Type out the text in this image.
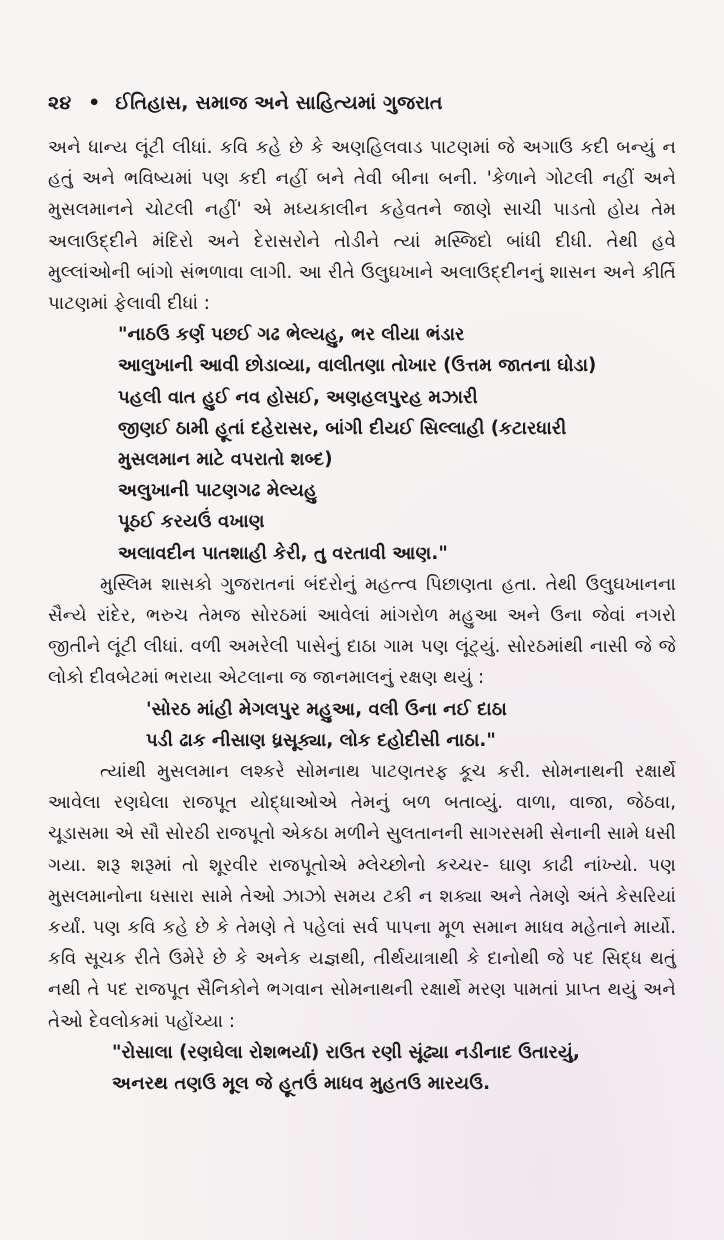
૨૪ • ઈતિહાસ, સમાજ અને સાહિત્યમાં ગુજરાત

અને ધાન્ય લૂંટી લીધાં. કવિ કહે છે કે અણહિલવાડ પાટણમાં જે અગાઉ કદી બન્યું ન હતું અને ભવિષ્યમાં પણ કદી નહીં બને તેવી બીના બની. 'કેળાને ગોટલી નહીં અને મુસલમાનને ચોટલી નહીં' એ મધ્યકાલીન કહેવતને જાણે સાચી પાડતો હોય તેમ અલાઉદ્દીને મંદિરો અને દેરાસરોને તોડીને ત્યાં મસ્જિદો બાંધી દીધી. તેથી હવે મુલ્લાંઓની બાંગો સંભળાવા લાગી. આ રીતે ઉલુઘખાને અલાઉદ્દીનનું શાસન અને કીર્તિ પાટણમાં ફેલાવી દીધાં :

"નાઠઉ કર્ણ પછઈ ગઢ ભેલ્યહુ, ભર લીયા ભંડાર
આલુખાની આવી છોડાવ્યા, વાલીતણા તોખાર (ઉત્તમ જાતના ઘોડા)
પહલી વાત હુઈ નવ હોસઈ, અણહલપુરહ મઝારી
જીણઈ ઠામી હૂતાં દહેરાસર, બાંગી દીયઈ સિલ્લાહી (કટારધારી
મુસલમાન માટે વપરાતો શબ્દ)
અલુખાની પાટણગઢ મેલ્યહુ
પૂઠઈ કરયઉં વખાણ
અલાવદીન પાતશાહી કેરી, તુ વરતાવી આણ."

મુસ્લિમ શાસકો ગુજરાતનાં બંદરોનું મહત્ત્વ પિછાણતા હતા. તેથી ઉલુઘખાનના સૈન્યે રાંદેર, ભરુચ તેમજ સોરઠમાં આવેલાં માંગરોળ મહુઆ અને ઉના જેવાં નગરો જીતીને લૂંટી લીધાં. વળી અમરેલી પાસેનું દાઠા ગામ પણ લૂંટ્યું. સોરઠમાંથી નાસી જે જે લોકો દીવબેટમાં ભરાયા એટલાના જ જાનમાલનું રક્ષણ થયું :

'સોરઠ માંહી મેગલપુર મહુઆ, વલી ઉના નઈ દાઠા
પડી ઢાક નીસાણ ધ્રસૂક્યા, લોક દહોદીસી નાઠા."

ત્યાંથી મુસલમાન લશ્કરે સોમનાથ પાટણતરફ કૂચ કરી. સોમનાથની રક્ષાર્થે આવેલા રણઘેલા રાજપૂત યોદ્ધાઓએ તેમનું બળ બતાવ્યું. વાળા, વાજા, જેઠવા, ચૂડાસમા એ સૌ સોરઠી રાજપૂતો એકઠા મળીને સુલતાનની સાગરસમી સેનાની સામે ધસી ગયા. શરૂ શરૂમાં તો શૂરવીર રાજપૂતોએ મ્લેચ્છોનો કચ્ચર- ઘાણ કાઢી નાંખ્યો. પણ મુસલમાનોના ધસારા સામે તેઓ ઝાઝો સમય ટકી ન શક્યા અને તેમણે અંતે કેસરિયાં કર્યાં. પણ કવિ કહે છે કે તેમણે તે પહેલાં સર્વ પાપના મૂળ સમાન માધવ મહેતાને માર્યો. કવિ સૂચક રીતે ઉમેરે છે કે અનેક યજ્ઞથી, તીર્થયાત્રાથી કે દાનોથી જે પદ સિદ્ધ થતું નથી તે પદ રાજપૂત સૈનિકોને ભગવાન સોમનાથની રક્ષાર્થે મરણ પામતાં પ્રાપ્ત થયું અને તેઓ દેવલોકમાં પહોંચ્યા :

"રોસાલા (રણઘેલા રોશભર્યા) રાઉત રણી સૂંઢ્યા નડીનાદ ઉતારયું,
અનરથ તણઉ મૂલ જે હૂતઉં માધવ મુહતઉ મારયઉ.
